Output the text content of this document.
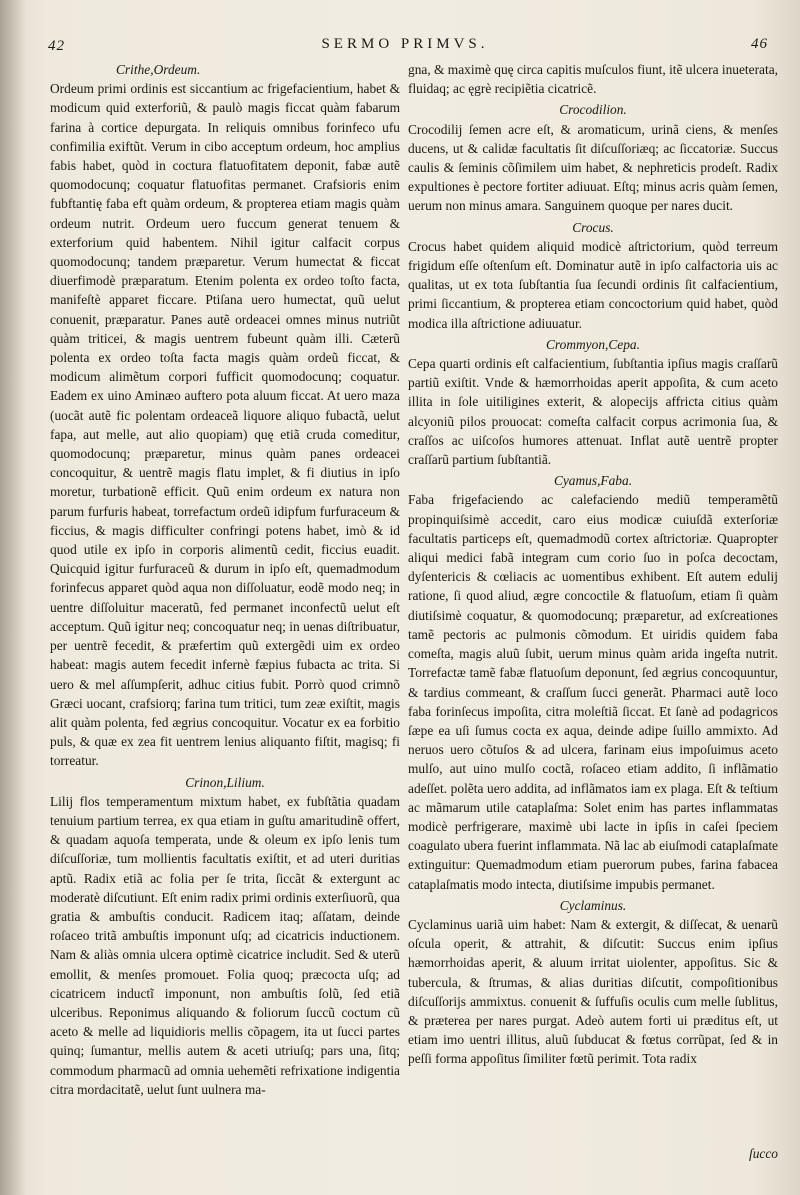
42	SERMO PRIMVS.	46

Crithe,Ordeum.

Ordeum primi ordinis est siccantium ac frigefacientium, habet & modicum quid exterforiũ, & paulò magis ficcat quàm fabarum farina à cortice depurgata. In reliquis omnibus forinfeco ufu confimilia exiftũt. Verum in cibo acceptum ordeum, hoc amplius fabis habet, quòd in coctura flatuofitatem deponit, fabæ autẽ quomodocunq; coquatur flatuofitas permanet. Crafsioris enim fubftantię faba eft quàm ordeum, & propterea etiam magis quàm ordeum nutrit. Ordeum uero fuccum generat tenuem & exterforium quid habentem. Nihil igitur calfacit corpus quomodocunq; tandem præparetur. Verum humectat & ficcat diuerfimodè præparatum. Etenim polenta ex ordeo toſto facta, manifeſtè apparet ficcare. Ptiſana uero humectat, quũ uelut conuenit, præparatur. Panes autẽ ordeacei omnes minus nutriũt quàm triticei, & magis uentrem fubeunt quàm illi. Cæterũ polenta ex ordeo toſta facta magis quàm ordeũ ficcat, & modicum alimẽtum corpori fufficit quomodocunq; coquatur. Eadem ex uino Aminæo auftero pota aluum ficcat. At uero maza (uocãt autẽ fic polentam ordeaceã liquore aliquo fubactã, uelut fapa, aut melle, aut alio quopiam) quę etiã cruda comeditur, quomodocunq; præparetur, minus quàm panes ordeacei concoquitur, & uentrẽ magis flatu implet, & fi diutius in ipſo moretur, turbationẽ efficit. Quũ enim ordeum ex natura non parum furfuris habeat, torrefactum ordeũ idipfum furfuraceum & ficcius, & magis difficulter confringi potens habet, imò & id quod utile ex ipſo in corporis alimentũ cedit, ficcius euadit. Quicquid igitur furfuraceũ & durum in ipſo eſt, quemadmodum forinfecus apparet quòd aqua non diſſoluatur, eodẽ modo neq; in uentre diſſoluitur maceratũ, fed permanet inconfectũ uelut eſt acceptum. Quũ igitur neq; concoquatur neq; in uenas diſtribuatur, per uentrẽ fecedit, & præfertim quũ extergẽdi uim ex ordeo habeat: magis autem fecedit infernè fæpius fubacta ac trita. Si uero & mel aſſumpſerit, adhuc citius fubit. Porrò quod crimnõ Græci uocant, crafsiorq; farina tum tritici, tum zeæ exiſtit, magis alit quàm polenta, fed ægrius concoquitur. Vocatur ex ea forbitio puls, & quæ ex zea fit uentrem lenius aliquanto fiſtit, magisq; fi torreatur.

Crinon,Lilium.

Lilij flos temperamentum mixtum habet, ex fubſtãtia quadam tenuium partium terrea, ex qua etiam in guſtu amaritudinẽ offert, & quadam aquoſa temperata, unde & oleum ex ipſo lenis tum diſcuſſoriæ, tum mollientis facultatis exiſtit, et ad uteri duritias aptũ. Radix etiã ac folia per ſe trita, ſiccãt & extergunt ac moderatè diſcutiunt. Eſt enim radix primi ordinis exterſiuorũ, qua gratia & ambuſtis conducit. Radicem itaq; aſſatam, deinde roſaceo tritã ambuſtis imponunt uſq; ad cicatricis inductionem. Nam & aliàs omnia ulcera optimè cicatrice includit. Sed & uterũ emollit, & menſes promouet. Folia quoq; præcocta uſq; ad cicatricem inductĩ imponunt, non ambuſtis ſolũ, ſed etiã ulceribus. Reponimus aliquando & foliorum ſuccũ coctum cũ aceto & melle ad liquidioris mellis cõpagem, ita ut ſucci partes quinq; ſumantur, mellis autem & aceti utriuſq; pars una, ſitq; commodum pharmacũ ad omnia uehemẽti refrixatione indigentia citra mordacitatẽ, uelut ſunt uulnera ma-

gna, & maximè quę circa capitis muſculos fiunt, itẽ ulcera inueterata, fluidaq; ac ęgrè recipiẽtia cicatricẽ.

Crocodilion.

Crocodilij ſemen acre eſt, & aromaticum, urinã ciens, & menſes ducens, ut & calidæ facultatis ſit diſcuſſoriæq; ac ſiccatoriæ. Succus caulis & ſeminis cõſimilem uim habet, & nephreticis prodeſt. Radix expultiones è pectore fortiter adiuuat. Eſtq; minus acris quàm ſemen, uerum non minus amara. Sanguinem quoque per nares ducit.

Crocus.

Crocus habet quidem aliquid modicè aſtrictorium, quòd terreum frigidum eſſe oſtenſum eſt. Dominatur autẽ in ipſo calfactoria uis ac qualitas, ut ex tota ſubſtantia ſua ſecundi ordinis ſit calfacientium, primi ſiccantium, & propterea etiam concoctorium quid habet, quòd modica illa aſtrictione adiuuatur.

Crommyon,Cepa.

Cepa quarti ordinis eſt calfacientium, ſubſtantia ipſius magis craſſarũ partiũ exiſtit. Vnde & hæmorrhoidas aperit appoſita, & cum aceto illita in ſole uitiligines exterit, & alopecijs affricta citius quàm alcyoniũ pilos prouocat: comeſta calfacit corpus acrimonia ſua, & craſſos ac uiſcoſos humores attenuat. Inflat autẽ uentrẽ propter craſſarũ partium ſubſtantiã.

Cyamus,Faba.

Faba frigefaciendo ac calefaciendo mediũ temperamẽtũ propinquiſsimè accedit, caro eius modicæ cuiuſdã exterſoriæ facultatis particeps eſt, quemadmodũ cortex aſtrictoriæ. Quapropter aliqui medici fabã integram cum corio ſuo in poſca decoctam, dyſentericis & cœliacis ac uomentibus exhibent. Eſt autem edulij ratione, ſi quod aliud, ægre concoctile & flatuoſum, etiam ſi quàm diutiſsimè coquatur, & quomodocunq; præparetur, ad exſcreationes tamẽ pectoris ac pulmonis cõmodum. Et uiridis quidem faba comeſta, magis aluũ ſubit, uerum minus quàm arida ingeſta nutrit. Torrefactæ tamẽ fabæ flatuoſum deponunt, ſed ægrius concoquuntur, & tardius commeant, & craſſum ſucci generãt. Pharmaci autẽ loco faba forinſecus impoſita, citra moleſtiã ſiccat. Et ſanè ad podagricos ſæpe ea uſi ſumus cocta ex aqua, deinde adipe ſuillo ammixto. Ad neruos uero cõtuſos & ad ulcera, farinam eius impoſuimus aceto mulſo, aut uino mulſo coctã, roſaceo etiam addito, ſi inflãmatio adeſſet. polẽta uero addita, ad inflãmatos iam ex plaga. Eſt & teſtium ac mãmarum utile cataplaſma: Solet enim has partes inflammatas modicè perfrigerare, maximè ubi lacte in ipſis in caſei ſpeciem coagulato ubera fuerint inflammata. Nã lac ab eiuſmodi cataplaſmate extinguitur: Quemadmodum etiam puerorum pubes, farina fabacea cataplaſmatis modo intecta, diutiſsime impubis permanet.

Cyclaminus.

Cyclaminus uariã uim habet: Nam & extergit, & diſſecat, & uenarũ oſcula operit, & attrahit, & diſcutit: Succus enim ipſius hæmorrhoidas aperit, & aluum irritat uiolenter, appoſitus. Sic & tubercula, & ſtrumas, & alias duritias diſcutit, compoſitionibus diſcuſſorijs ammixtus. conuenit & ſuffuſis oculis cum melle ſublitus, & præterea per nares purgat. Adeò autem forti ui præditus eſt, ut etiam imo uentri illitus, aluũ ſubducat & fœtus corrũpat, ſed & in peſſi forma appoſitus ſimiliter fœtũ perimit. Tota radix

ſucco
